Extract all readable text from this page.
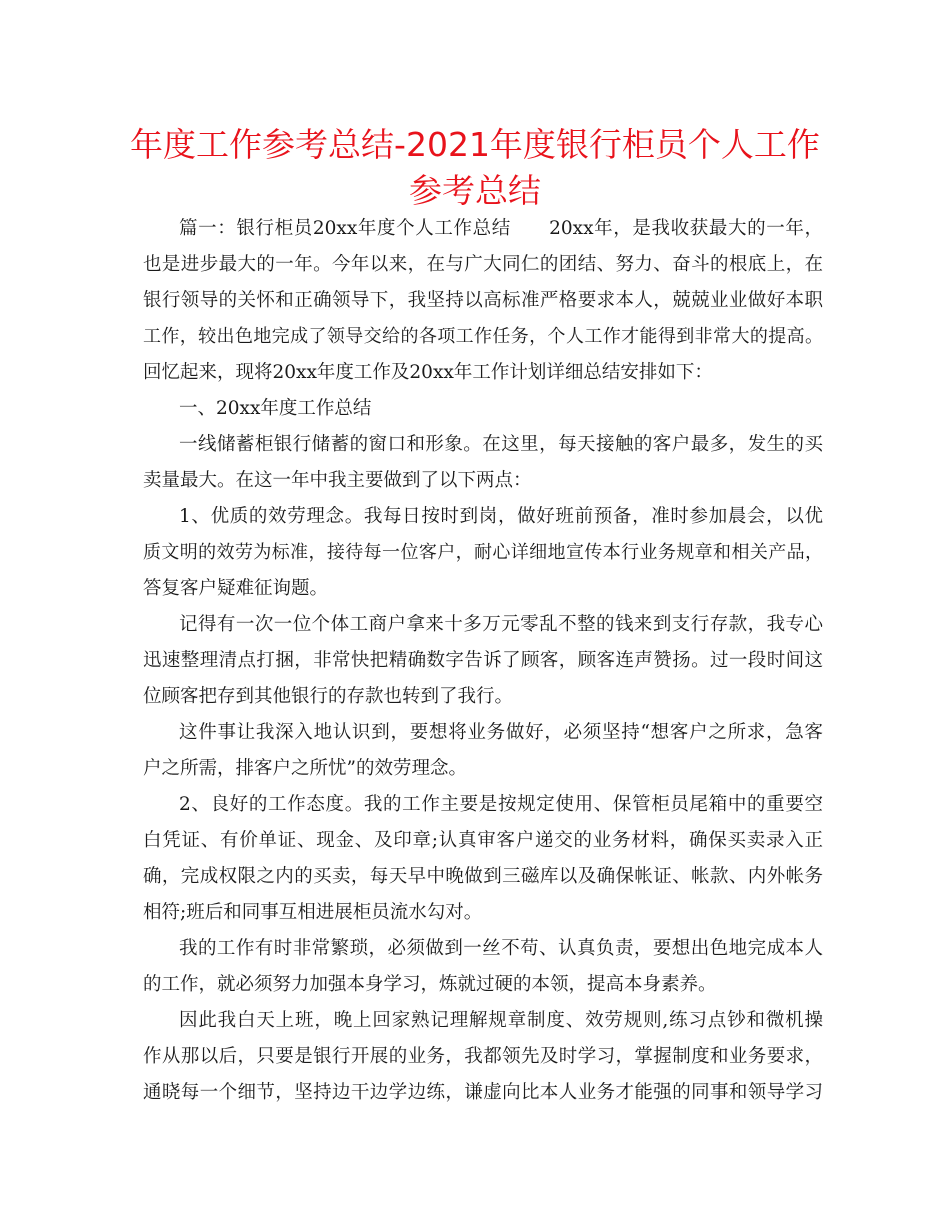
年度工作参考总结-2021年度银行柜员个人工作
参考总结
篇一：银行柜员20xx年度个人工作总结　　20xx年，是我收获最大的一年，
也是进步最大的一年。今年以来，在与广大同仁的团结、努力、奋斗的根底上，在
银行领导的关怀和正确领导下，我坚持以高标准严格要求本人，兢兢业业做好本职
工作，较出色地完成了领导交给的各项工作任务，个人工作才能得到非常大的提高。
回忆起来，现将20xx年度工作及20xx年工作计划详细总结安排如下：
一、20xx年度工作总结
一线储蓄柜银行储蓄的窗口和形象。在这里，每天接触的客户最多，发生的买
卖量最大。在这一年中我主要做到了以下两点：
1、优质的效劳理念。我每日按时到岗，做好班前预备，准时参加晨会，以优
质文明的效劳为标准，接待每一位客户，耐心详细地宣传本行业务规章和相关产品，
答复客户疑难征询题。
记得有一次一位个体工商户拿来十多万元零乱不整的钱来到支行存款，我专心
迅速整理清点打捆，非常快把精确数字告诉了顾客，顾客连声赞扬。过一段时间这
位顾客把存到其他银行的存款也转到了我行。
这件事让我深入地认识到，要想将业务做好，必须坚持“想客户之所求，急客
户之所需，排客户之所忧”的效劳理念。
2、良好的工作态度。我的工作主要是按规定使用、保管柜员尾箱中的重要空
白凭证、有价单证、现金、及印章;认真审客户递交的业务材料，确保买卖录入正
确，完成权限之内的买卖，每天早中晚做到三磁库以及确保帐证、帐款、内外帐务
相符;班后和同事互相进展柜员流水勾对。
我的工作有时非常繁琐，必须做到一丝不苟、认真负责，要想出色地完成本人
的工作，就必须努力加强本身学习，炼就过硬的本领，提高本身素养。
因此我白天上班，晚上回家熟记理解规章制度、效劳规则,练习点钞和微机操
作从那以后，只要是银行开展的业务，我都领先及时学习，掌握制度和业务要求，
通晓每一个细节，坚持边干边学边练，谦虚向比本人业务才能强的同事和领导学习
